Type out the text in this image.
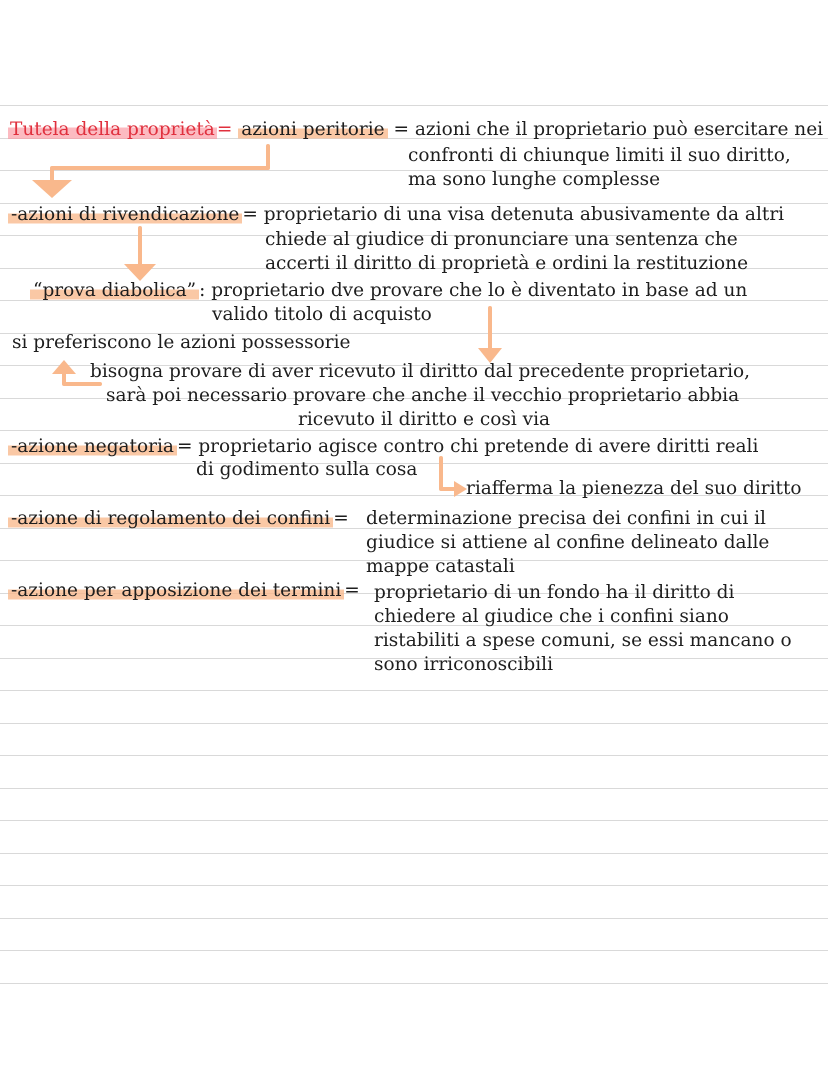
Tutela della proprietà = azioni peritorie = azioni che il proprietario può esercitare nei
confronti di chiunque limiti il suo diritto,
ma sono lunghe complesse
-azioni di rivendicazione = proprietario di una visa detenuta abusivamente da altri
chiede al giudice di pronunciare una sentenza che
accerti il diritto di proprietà e ordini la restituzione
“prova diabolica” : proprietario dve provare che lo è diventato in base ad un
valido titolo di acquisto
si preferiscono le azioni possessorie
bisogna provare di aver ricevuto il diritto dal precedente proprietario,
sarà poi necessario provare che anche il vecchio proprietario abbia
ricevuto il diritto e così via
-azione negatoria = proprietario agisce contro chi pretende di avere diritti reali
di godimento sulla cosa
riafferma la pienezza del suo diritto
-azione di regolamento dei confini = determinazione precisa dei confini in cui il
giudice si attiene al confine delineato dalle
mappe catastali
-azione per apposizione dei termini = proprietario di un fondo ha il diritto di
chiedere al giudice che i confini siano
ristabiliti a spese comuni, se essi mancano o
sono irriconoscibili
